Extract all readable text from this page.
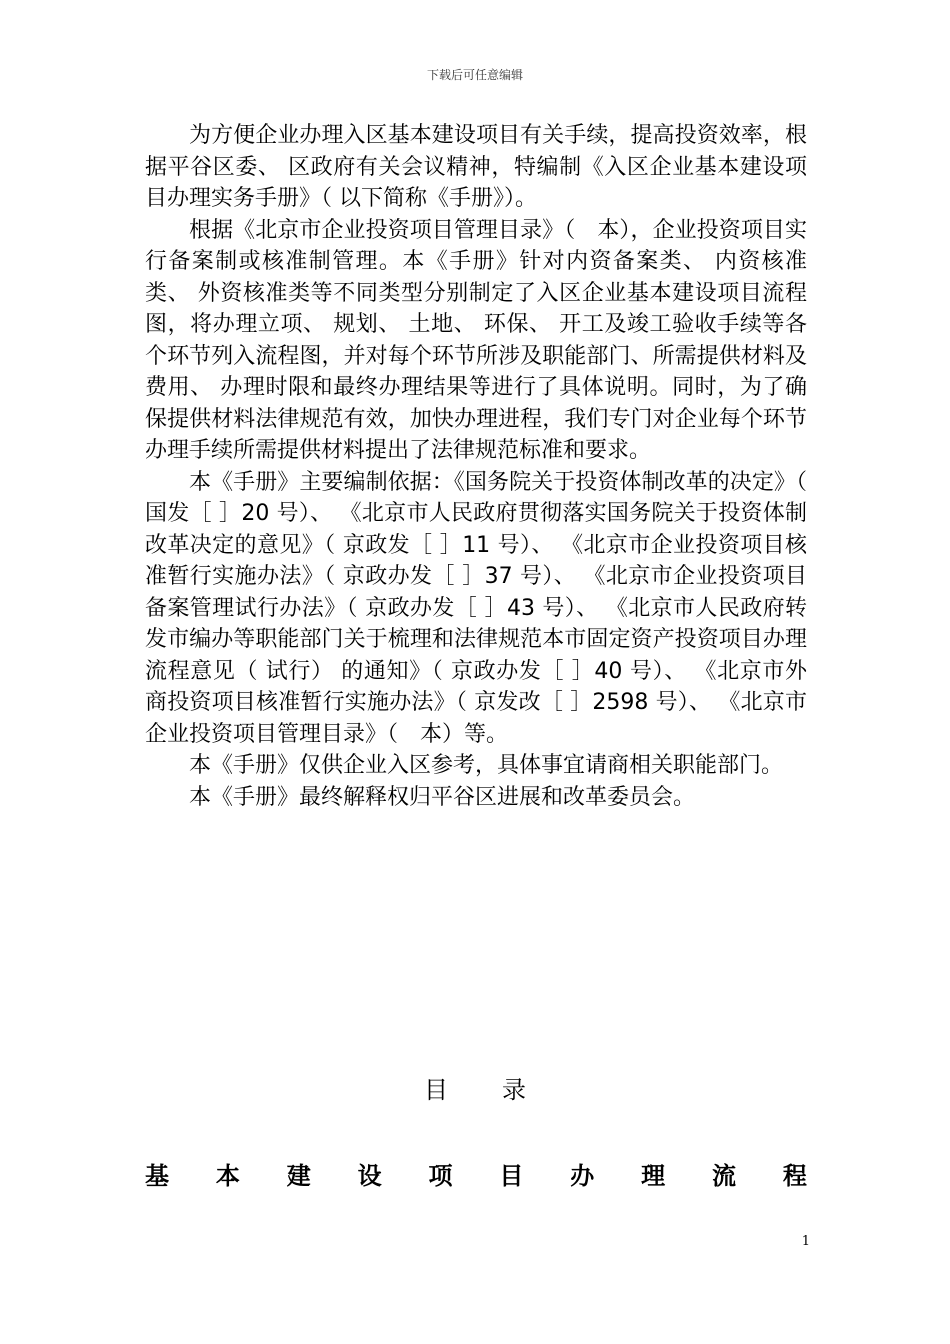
下载后可任意编辑

为方便企业办理入区基本建设项目有关手续，提高投资效率，根据平谷区委、 区政府有关会议精神，特编制《入区企业基本建设项目办理实务手册》（ 以下简称《手册》）。

根据《北京市企业投资项目管理目录》（　本），企业投资项目实行备案制或核准制管理。本《手册》针对内资备案类、 内资核准类、 外资核准类等不同类型分别制定了入区企业基本建设项目流程图，将办理立项、 规划、 土地、 环保、 开工及竣工验收手续等各个环节列入流程图，并对每个环节所涉及职能部门、所需提供材料及费用、 办理时限和最终办理结果等进行了具体说明。同时，为了确保提供材料法律规范有效，加快办理进程，我们专门对企业每个环节办理手续所需提供材料提出了法律规范标准和要求。

本《手册》主要编制依据：《国务院关于投资体制改革的决定》（ 国发［ ］20 号）、 《北京市人民政府贯彻落实国务院关于投资体制改革决定的意见》（ 京政发［ ］11 号）、 《北京市企业投资项目核准暂行实施办法》（ 京政办发［ ］37 号）、 《北京市企业投资项目备案管理试行办法》（ 京政办发［ ］43 号）、 《北京市人民政府转发市编办等职能部门关于梳理和法律规范本市固定资产投资项目办理流程意见（ 试行） 的通知》（ 京政办发［ ］40 号）、 《北京市外商投资项目核准暂行实施办法》（ 京发改［ ］2598 号）、 《北京市企业投资项目管理目录》（　本）等。

本《手册》仅供企业入区参考，具体事宜请商相关职能部门。

本《手册》最终解释权归平谷区进展和改革委员会。

目录
基 本 建 设 项 目 办 理 流 程
1
